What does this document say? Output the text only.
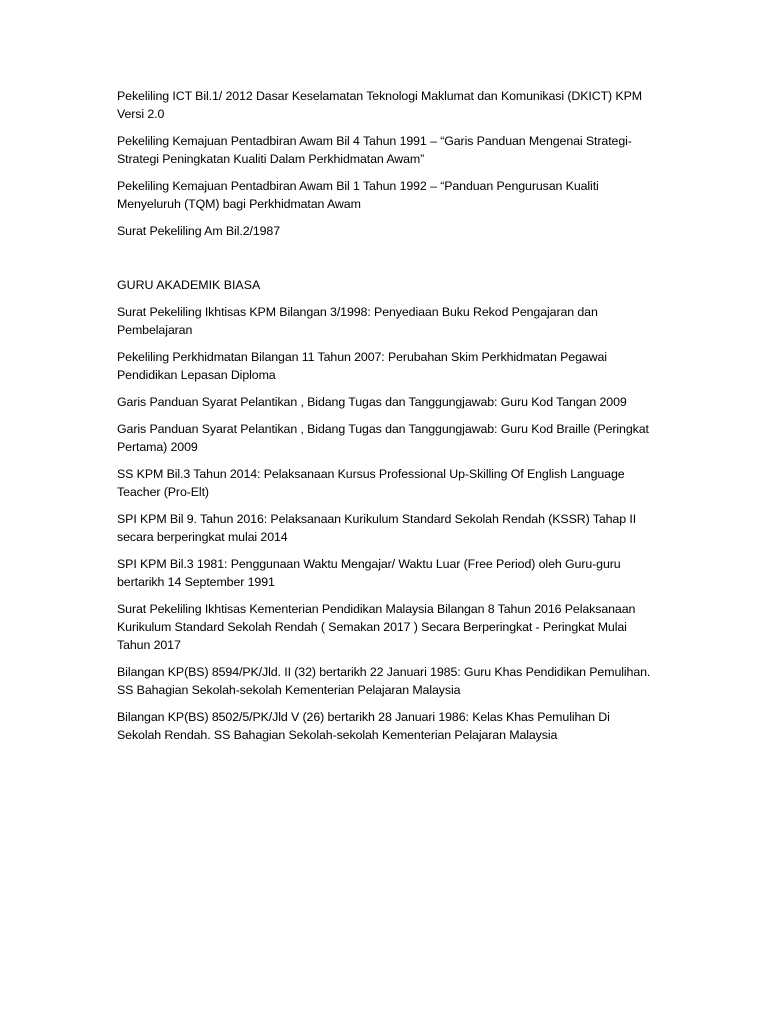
Pekeliling ICT Bil.1/ 2012 Dasar Keselamatan Teknologi Maklumat dan Komunikasi (DKICT) KPM Versi 2.0

Pekeliling Kemajuan Pentadbiran Awam Bil 4 Tahun 1991 – “Garis Panduan Mengenai Strategi-Strategi Peningkatan Kualiti Dalam Perkhidmatan Awam”

Pekeliling Kemajuan Pentadbiran Awam Bil 1 Tahun 1992 – “Panduan Pengurusan Kualiti Menyeluruh (TQM) bagi Perkhidmatan Awam

Surat Pekeliling Am Bil.2/1987

GURU AKADEMIK BIASA

Surat Pekeliling Ikhtisas KPM Bilangan 3/1998: Penyediaan Buku Rekod Pengajaran dan Pembelajaran

Pekeliling Perkhidmatan Bilangan 11 Tahun 2007: Perubahan Skim Perkhidmatan Pegawai Pendidikan Lepasan Diploma

Garis Panduan Syarat Pelantikan , Bidang Tugas dan Tanggungjawab: Guru Kod Tangan 2009

Garis Panduan Syarat Pelantikan , Bidang Tugas dan Tanggungjawab: Guru Kod Braille (Peringkat Pertama) 2009

SS KPM Bil.3 Tahun 2014: Pelaksanaan Kursus Professional Up-Skilling Of English Language Teacher (Pro-Elt)

SPI KPM Bil 9. Tahun 2016: Pelaksanaan Kurikulum Standard Sekolah Rendah (KSSR) Tahap II secara berperingkat mulai 2014

SPI KPM Bil.3 1981: Penggunaan Waktu Mengajar/ Waktu Luar (Free Period) oleh Guru-guru bertarikh 14 September 1991

Surat Pekeliling Ikhtisas Kementerian Pendidikan Malaysia Bilangan 8 Tahun 2016 Pelaksanaan Kurikulum Standard Sekolah Rendah ( Semakan 2017 ) Secara Berperingkat - Peringkat Mulai Tahun 2017

Bilangan KP(BS) 8594/PK/Jld. II (32) bertarikh 22 Januari 1985: Guru Khas Pendidikan Pemulihan. SS Bahagian Sekolah-sekolah Kementerian Pelajaran Malaysia

Bilangan KP(BS) 8502/5/PK/Jld V (26) bertarikh 28 Januari 1986: Kelas Khas Pemulihan Di Sekolah Rendah. SS Bahagian Sekolah-sekolah Kementerian Pelajaran Malaysia
